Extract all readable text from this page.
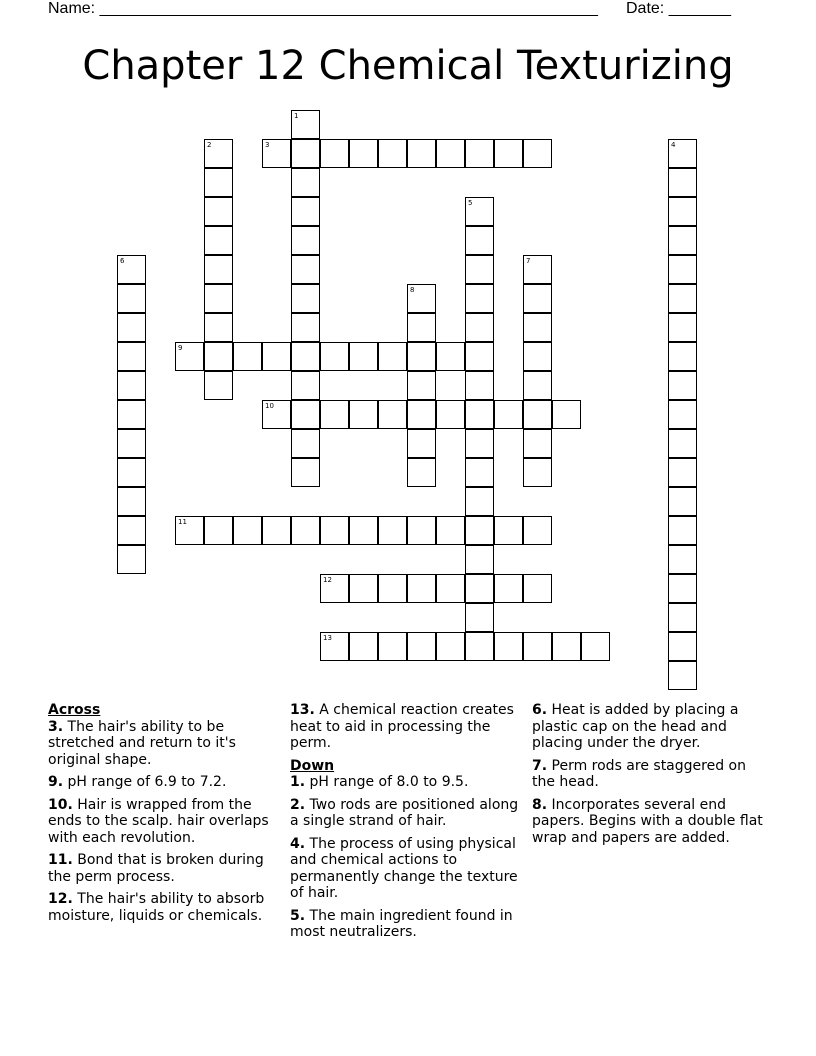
Name: ________________________________________________________ Date: _______
Chapter 12 Chemical Texturizing
1
2	3	4
5
6	7
8
9
10
11
12
13
Across
3. The hair's ability to be stretched and return to it's original shape.
9. pH range of 6.9 to 7.2.
10. Hair is wrapped from the ends to the scalp. hair overlaps with each revolution.
11. Bond that is broken during the perm process.
12. The hair's ability to absorb moisture, liquids or chemicals.
13. A chemical reaction creates heat to aid in processing the perm.
Down
1. pH range of 8.0 to 9.5.
2. Two rods are positioned along a single strand of hair.
4. The process of using physical and chemical actions to permanently change the texture of hair.
5. The main ingredient found in most neutralizers.
6. Heat is added by placing a plastic cap on the head and placing under the dryer.
7. Perm rods are staggered on the head.
8. Incorporates several end papers. Begins with a double flat wrap and papers are added.
